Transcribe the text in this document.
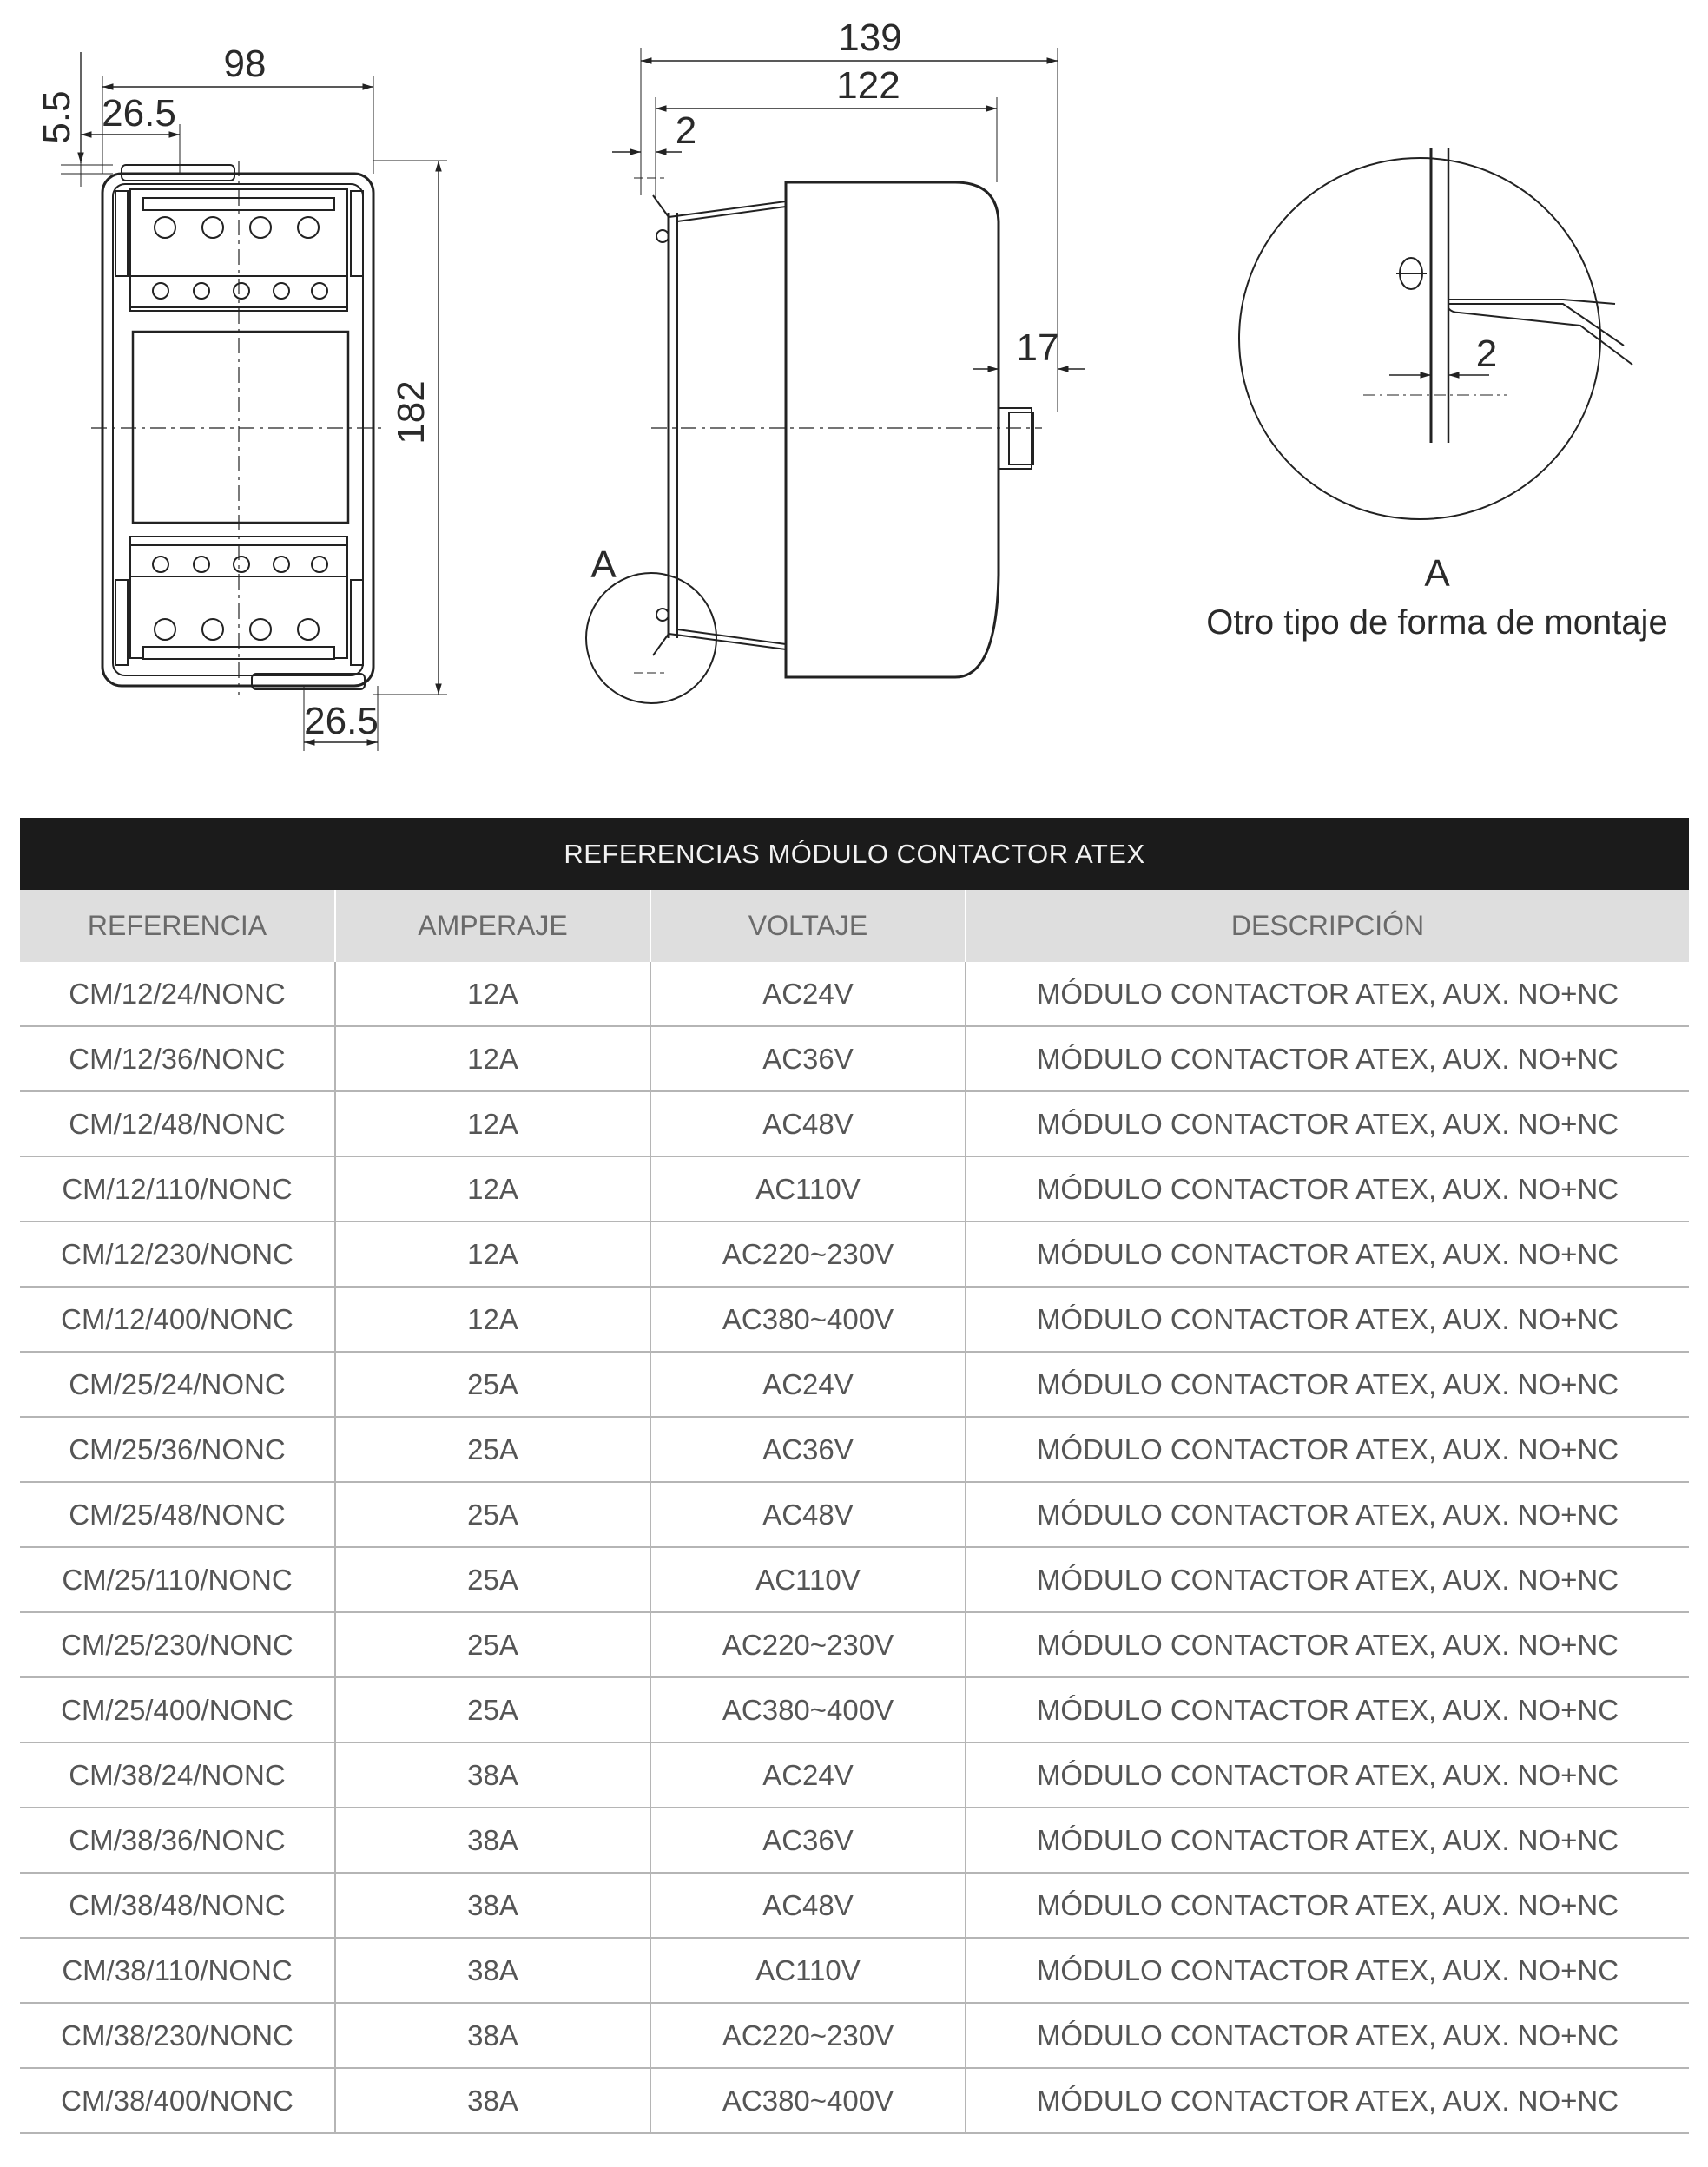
98
5.5 26.5
182
26.5
139
122
2
17
A
2
A
Otro tipo de forma de montaje
REFERENCIAS MÓDULO CONTACTOR ATEX			
REFERENCIA	AMPERAJE	VOLTAJE	DESCRIPCIÓN
CM/12/24/NONC	12A	AC24V	MÓDULO CONTACTOR ATEX, AUX. NO+NC
CM/12/36/NONC	12A	AC36V	MÓDULO CONTACTOR ATEX, AUX. NO+NC
CM/12/48/NONC	12A	AC48V	MÓDULO CONTACTOR ATEX, AUX. NO+NC
CM/12/110/NONC	12A	AC110V	MÓDULO CONTACTOR ATEX, AUX. NO+NC
CM/12/230/NONC	12A	AC220~230V	MÓDULO CONTACTOR ATEX, AUX. NO+NC
CM/12/400/NONC	12A	AC380~400V	MÓDULO CONTACTOR ATEX, AUX. NO+NC
CM/25/24/NONC	25A	AC24V	MÓDULO CONTACTOR ATEX, AUX. NO+NC
CM/25/36/NONC	25A	AC36V	MÓDULO CONTACTOR ATEX, AUX. NO+NC
CM/25/48/NONC	25A	AC48V	MÓDULO CONTACTOR ATEX, AUX. NO+NC
CM/25/110/NONC	25A	AC110V	MÓDULO CONTACTOR ATEX, AUX. NO+NC
CM/25/230/NONC	25A	AC220~230V	MÓDULO CONTACTOR ATEX, AUX. NO+NC
CM/25/400/NONC	25A	AC380~400V	MÓDULO CONTACTOR ATEX, AUX. NO+NC
CM/38/24/NONC	38A	AC24V	MÓDULO CONTACTOR ATEX, AUX. NO+NC
CM/38/36/NONC	38A	AC36V	MÓDULO CONTACTOR ATEX, AUX. NO+NC
CM/38/48/NONC	38A	AC48V	MÓDULO CONTACTOR ATEX, AUX. NO+NC
CM/38/110/NONC	38A	AC110V	MÓDULO CONTACTOR ATEX, AUX. NO+NC
CM/38/230/NONC	38A	AC220~230V	MÓDULO CONTACTOR ATEX, AUX. NO+NC
CM/38/400/NONC	38A	AC380~400V	MÓDULO CONTACTOR ATEX, AUX. NO+NC
